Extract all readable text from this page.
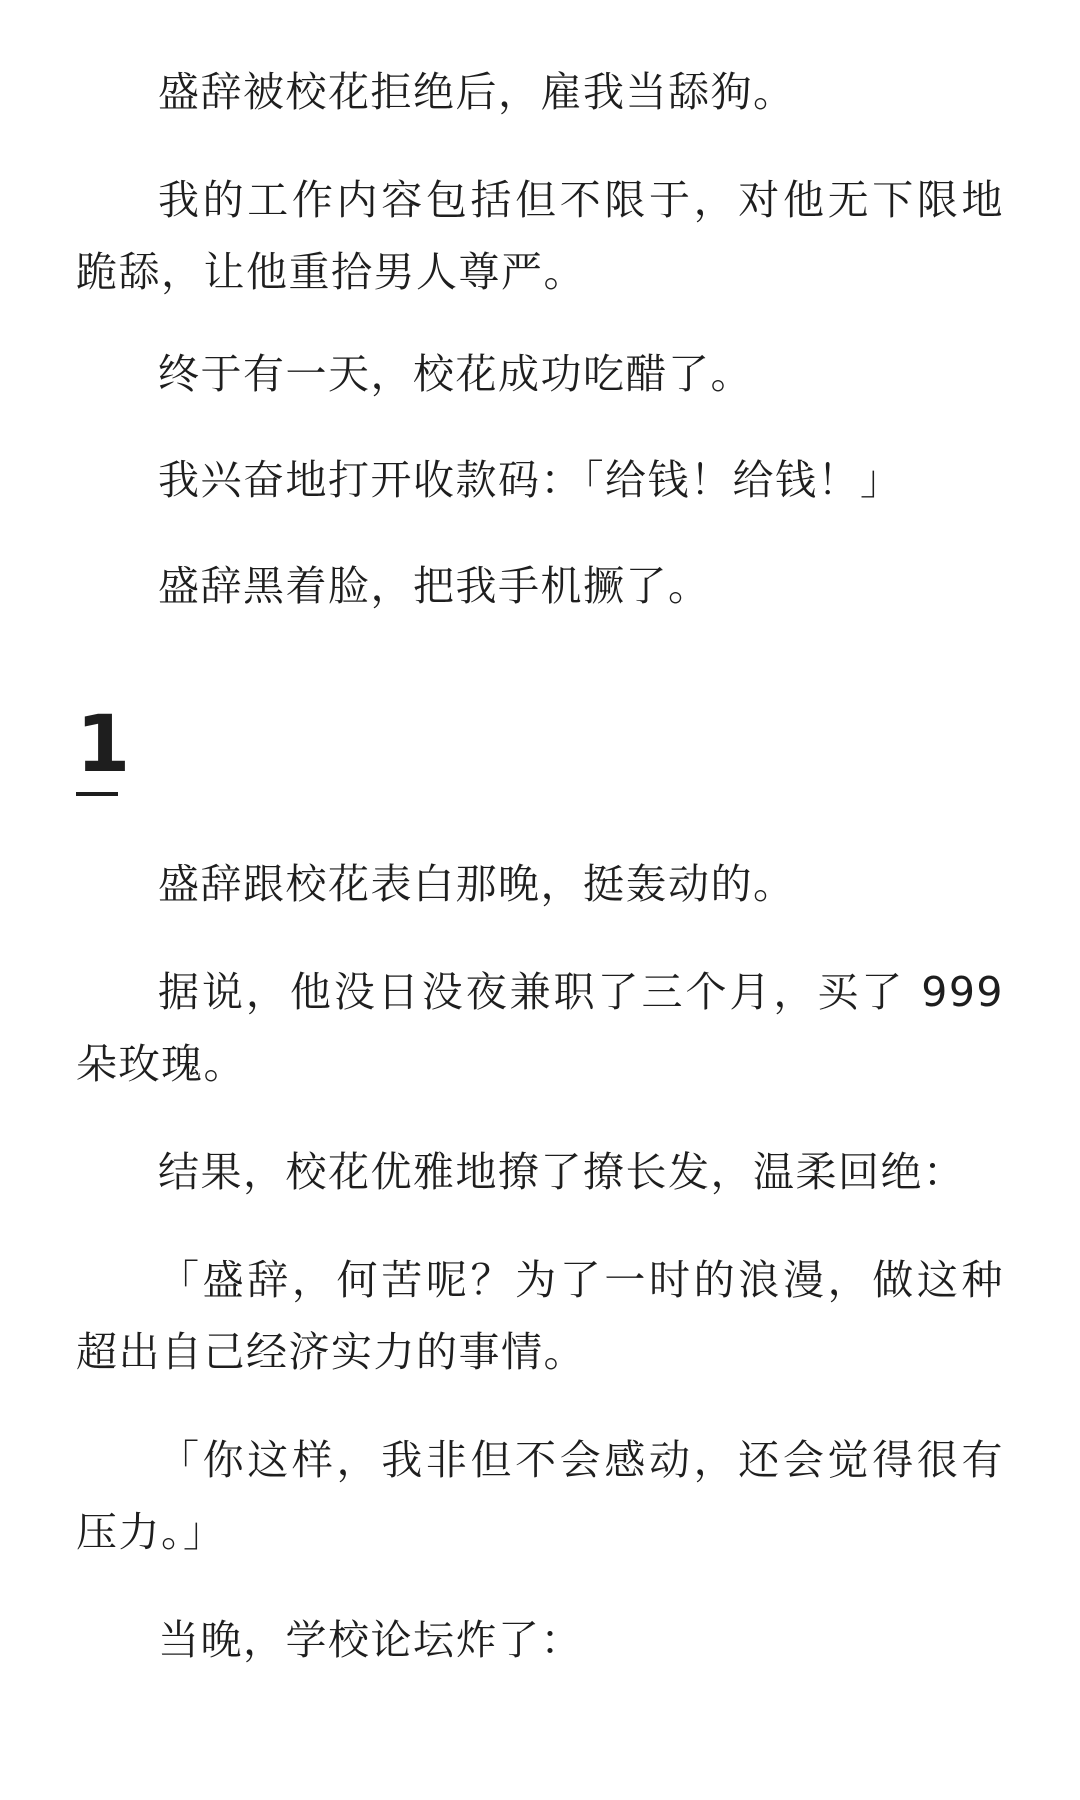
盛辞被校花拒绝后，雇我当舔狗。

我的工作内容包括但不限于，对他无下限地跪舔，让他重拾男人尊严。

终于有一天，校花成功吃醋了。

我兴奋地打开收款码：「给钱！给钱！」

盛辞黑着脸，把我手机撅了。

1

盛辞跟校花表白那晚，挺轰动的。

据说，他没日没夜兼职了三个月，买了 999 朵玫瑰。

结果，校花优雅地撩了撩长发，温柔回绝：

「盛辞，何苦呢？为了一时的浪漫，做这种超出自己经济实力的事情。

「你这样，我非但不会感动，还会觉得很有压力。」

当晚，学校论坛炸了：
